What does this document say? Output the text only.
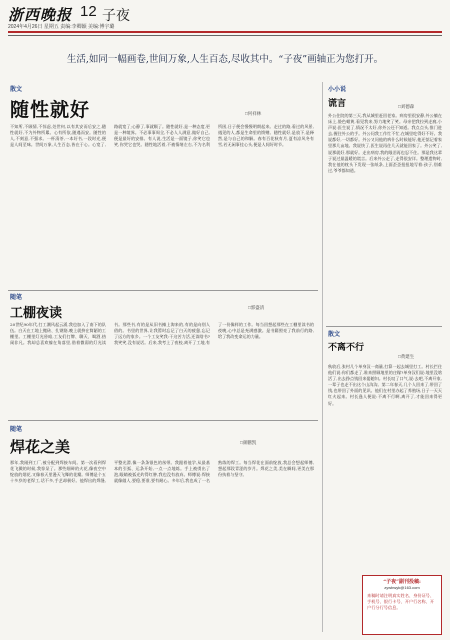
浙西晚报 12 子夜
2024年4月26日 星期五 责编:李卿颖 美编:傅宇璐
生活,如同一幅画卷,世间万象,人生百态,尽收其中。“子夜”画轴正为您打开。
散文
随性就好	□何祥林
不知所,不顾情,不惊虑,处世何,以有其安而后安之,随性就好,不为外物所累。心有所依,随遇而安。随性的人,不刻意,不强求。一杯清茶,一本好书,一段时光,便是人间至味。世间万象,人生百态,皆在于心。心宽了,路就宽了;心静了,事就顺了。随性就好,是一种态度,更是一种境界。不必事事周全,不必人人满意,做好自己,便是最好的安排。有人说,生活是一面镜子,你笑它也笑,你哭它也哭。随性地活着,不被情绪左右,不为名利所困,日子便会慢慢明朗起来。走过的路,看过的风景,遇见的人,都是生命里的馈赠。随性就好,是放下,是释然,是与自己的和解。春有百花秋有月,夏有凉风冬有雪,若无闲事挂心头,便是人间好时节。
随笔
工棚夜读	□郭盛清
20世纪90年代,打工潮风起云涌,我也加入了南下的队伍。白天在工地上搬砖、扎钢筋,晚上就挤在简陋的工棚里。工棚里灯光昏暗,工友们打牌、聊天、喝酒,热闹非凡。我却总喜欢躲在角落里,借着微弱的灯光读书。那些书,有的是从旧书摊上淘来的,有的是向别人借的。书里的世界,让我暂时忘记了白天的疲惫,忘记了远方的家乡。一个工友笑我:干这苦力活,还读啥书?我笑笑,没有说话。后来,我考上了夜校,离开了工地,有了一份像样的工作。每当回想起那些在工棚里读书的夜晚,心中总是充满感激。是书籍照亮了我前行的路,给了我改变命运的力量。
随笔
焊花之美	□颜鹏凯
那年,我刚到工厂,被分配到焊接车间。第一次看到焊花飞溅的时候,我惊呆了。那些细碎的火花,像夜空中绽放的烟花,又像春天里漫天飞舞的花瓣。师傅是个五十多岁的老焊工,话不多,手艺却极好。他焊出的焊缝,平整光滑,像一条条银色的丝带。我跟着他学,从最基本的引弧、运条开始,一点一点地练。手上被烫出了泡,眼睛被弧光灼得红肿,我也没有放弃。师傅说:焊接就像做人,要稳,要准,要有耐心。多年后,我也成了一名熟练的焊工。每当焊花在面前绽放,我总会想起师傅,想起那段青涩的岁月。焊花之美,美在瞬间,更美在那份执着与坚守。
小小说
谎言	□刘德森
外公住院的第三天,我从城里赶回老家。病房里很安静,外公躺在床上,脸色蜡黄,看见我来,努力地笑了笑。母亲把我拉到走廊,小声说:医生说了,情况不太好,你外公还不知道。我点点头,推门进去,握住外公的手。外公问我工作忙不忙,在城里吃得好不好。我说都好,一切都好。外公又问他的病什么时候能好,他还惦记着家里那几亩地。我说快了,医生说再住几天就能回家了。外公笑了,说那就好,那就好。走出病房,我的眼泪再也忍不住。那是我这辈子说过最温暖的谎言。后来外公走了,走得很安详。整理遗物时,我在他的枕头下发现一张纸条,上面歪歪扭扭地写着:孩子,别难过,爷爷都知道。
散文
不离不行
□黄建生
秋收后,张村几个单身汉一商量,打算一起去城里打工。村长拦住他们说:你们都走了,谁来照顾地里的庄稼?单身汉们说:地里没啥活了,出去挣点钱回来娶媳妇。村长叹了口气,说:去吧,不离开家,一辈子也走不出这个山沟沟。第二年春天,几个人回来了,带回了钱,也带回了外面的见识。他们在村里办起了养殖场,日子一天天红火起来。村长逢人便说:不离不行啊,离开了,才能回来得更好。
“子夜”副刊投稿:
zywbwyk@163.com
来稿时请注明真实姓名、身份证号、手机号、银行卡号、开户行名称、开户行分行号信息。
